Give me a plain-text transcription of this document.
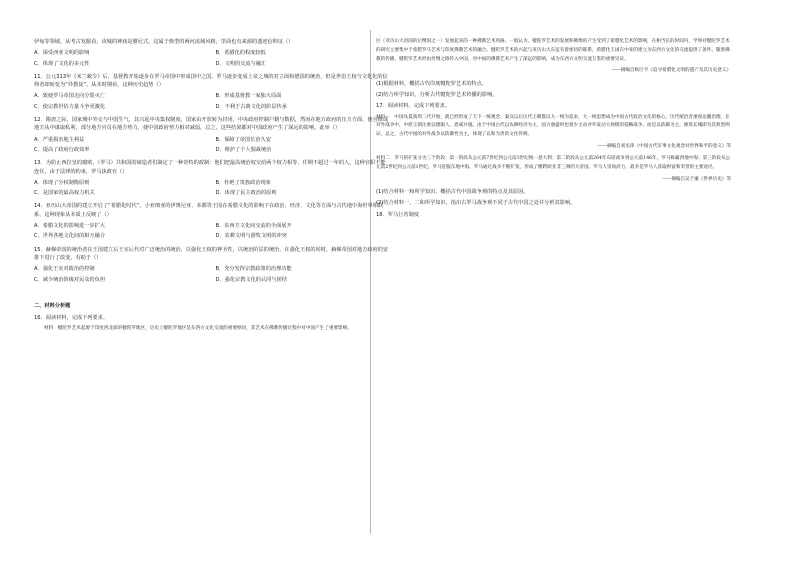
伊甸等领域。从考古发掘看，该城的神庙是腓尼式，这属于典型的两河流域风格，里面也有来源的遗迹信仰证（）

A．深受西亚文明的影响	B．希腊化的程度较低
C．体现了文化的多元性	D．文明的交流与融汇

11．公元313年《米兰敕令》后，基督教开始逐步在罗马帝国中形成国中之国，罗马逐步变成上帝之城的对立面和德国的统治，但是世俗王权与文化化的信仰者却转变为“异教徒”。从本时期看，这种历史趋势（）

A．致使罗马帝国走向分裂灭亡	B．形成基督教一家独大局面
C．使宗教世俗力量斗争更激化	D．不利于古典文化的阶层传承

12．隋唐之际，国家城中外交与中国生气，其兴起中央集权制度，国家由开放转为封闭，中央政府控制户籍与数据，然而在地方政府的压力方面，使官僚或地方从中谋取私利，部分地方官员在地方势力，使中国政府势力相对减弱，总之，这些结果都对中国政府产生了深远的影响。此举（）

A．严重损害地主利益	B．保障了帝国长治久安
C．提高了政府行政效率	D．维护了个人独裁统治

13．为防止西拉皇的腐败，（罗马）共和国的缔造者们制定了一种奇特的政制：他们把最高统治权交给两个权力相等、任期不超过一年的人，这种官职不能连任。由于法律的约束，罗马执政官（）

A．体现了分权制衡原则	B．杜绝了贵族政治现象
C．是国家的最高权力机关	D．体现了民主政治的原则

14．亚历山大帝国的建立开启了“希腊化时代”。小亚细亚的伊奥尼亚、本都等王国在希腊文化的影响下在政治、经济、文化等方面与古代地中海世界相联系，这种现象从本质上反映了（）

A．希腊文化的影响进一步扩大	B．东西方文化间交流的全面展开
C．世界各地文化间的相互融合	D．农耕文明与游牧文明的冲突

15．赫梯帝国的统治者在王国建立后王室后代对广泛统治的统治，以强化王权的神圣性，以统治阶层的统治，在强化王权的同时，赫梯帝国对地方政府的安排下进行了改变，有助于（）

A．强化王室对政治的控制	B．充分发挥宗教政策的治理功能
C．减少统治阶级对民众的负担	D．强化宗教文化的认同与团结
二、材料分析题

16．阅读材料，完成下列要求。

材料　犍陀罗艺术起源于印度西北部的犍陀罗地区，历史上犍陀罗地区是东西方文化交流的重要枢纽，其艺术在佛教传播过程中对中国产生了重要影响。

区（亚历山大帝国的后继国之一）发展起来的一种佛教艺术风格。一般认为，犍陀罗艺术的发展和佛像的产生受到了希腊化艺术的影响，在相当长的时间内，学界对犍陀罗艺术的研究主要集中于希腊罗马艺术与印度佛教艺术的融合。犍陀罗艺术的兴起与亚历山大东征有着密切的联系，希腊化王国在中亚的建立为东西方文化的交流提供了条件。随着佛教的传播，犍陀罗艺术经由丝绸之路传入中国，对中国的佛教艺术产生了深远的影响，成为东西方文明交流互鉴的重要见证。

——摘编自杨巨平《追寻希腊化文明的遗产及其历史意义》

(1)根据材料，概括古代印度犍陀罗艺术的特点。

(2)结合所学知识，分析古代犍陀罗艺术传播的影响。

17．阅读材料，完成下列要求。

材料一　中国从夏商周三代开始，就已经形成了天下一统观念。秦汉以后历代王朝都以大一统为追求，大一统思想成为中国古代政治文化的核心，历代统治者重视边疆治理，在对外战争中，中原王朝注重以德服人、恩威并施。由于中国古代以农耕经济为主，国力强盛时也很少主动对外发动大规模的侵略战争，而是以防御为主，修筑长城即为其典型例证。总之，古代中国的对外战争以防御性为主，体现了以和为贵的文化传统。

——摘编自刘丞铮《中国古代军事文化观念对世界和平的意义》等

材料二　罗马的扩张分为三个阶段：第一阶段从公元前7世纪到公元前3世纪统一意大利；第二阶段从公元前264年布匿战争到公元前146年，罗马称霸西地中海；第三阶段从公元前2世纪到公元前1世纪，罗马征服东地中海。罗马通过战争不断扩张，形成了横跨欧亚非三洲的大帝国。罗马人崇尚武力，战争是罗马人获取财富和荣誉的主要途径。

——摘编自吴于廑《世界历史》等

(1)结合材料一和所学知识，概括古代中国战争观的特点及其原因。

(2)结合材料一、二和所学知识，指出古罗马战争观不同于古代中国之处并分析其影响。

18．罗马行省制度
